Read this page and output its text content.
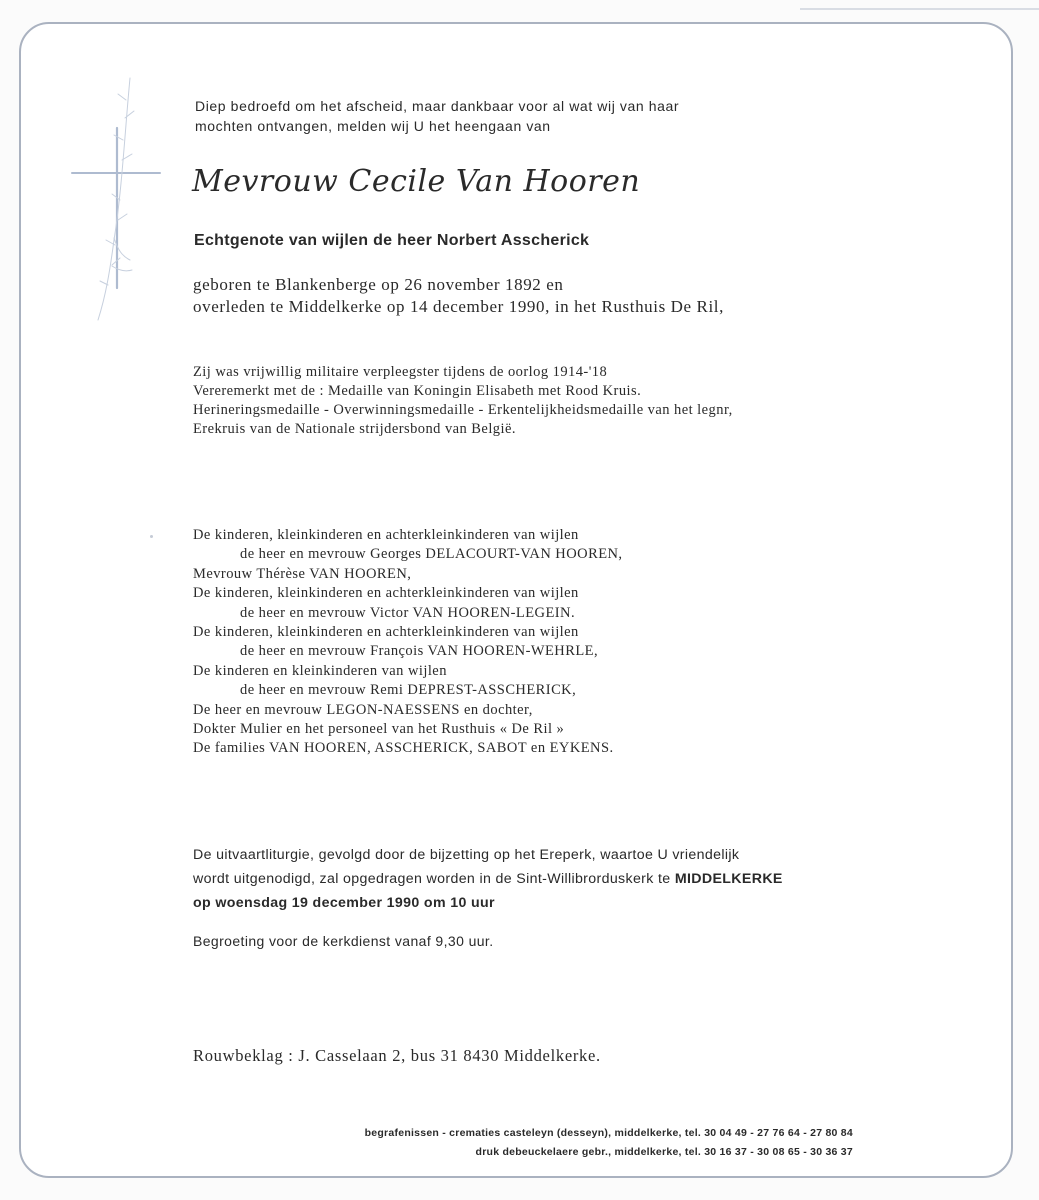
Diep bedroefd om het afscheid, maar dankbaar voor al wat wij van haar
mochten ontvangen, melden wij U het heengaan van

Mevrouw Cecile Van Hooren

Echtgenote van wijlen de heer Norbert Asscherick

geboren te Blankenberge op 26 november 1892 en
overleden te Middelkerke op 14 december 1990, in het Rusthuis De Ril,

Zij was vrijwillig militaire verpleegster tijdens de oorlog 1914-'18
Vereremerkt met de : Medaille van Koningin Elisabeth met Rood Kruis.
Herineringsmedaille - Overwinningsmedaille - Erkentelijkheidsmedaille van het legnr,
Erekruis van de Nationale strijdersbond van België.

De kinderen, kleinkinderen en achterkleinkinderen van wijlen
de heer en mevrouw Georges DELACOURT-VAN HOOREN,
Mevrouw Thérèse VAN HOOREN,
De kinderen, kleinkinderen en achterkleinkinderen van wijlen
de heer en mevrouw Victor VAN HOOREN-LEGEIN.
De kinderen, kleinkinderen en achterkleinkinderen van wijlen
de heer en mevrouw François VAN HOOREN-WEHRLE,
De kinderen en kleinkinderen van wijlen
de heer en mevrouw Remi DEPREST-ASSCHERICK,
De heer en mevrouw LEGON-NAESSENS en dochter,
Dokter Mulier en het personeel van het Rusthuis « De Ril »
De families VAN HOOREN, ASSCHERICK, SABOT en EYKENS.

De uitvaartliturgie, gevolgd door de bijzetting op het Ereperk, waartoe U vriendelijk
wordt uitgenodigd, zal opgedragen worden in de Sint-Willibrorduskerk te MIDDELKERKE
op woensdag 19 december 1990 om 10 uur

Begroeting voor de kerkdienst vanaf 9,30 uur.

Rouwbeklag : J. Casselaan 2, bus 31 8430 Middelkerke.

begrafenissen - crematies casteleyn (desseyn), middelkerke, tel. 30 04 49 - 27 76 64 - 27 80 84
druk debeuckelaere gebr., middelkerke, tel. 30 16 37 - 30 08 65 - 30 36 37
